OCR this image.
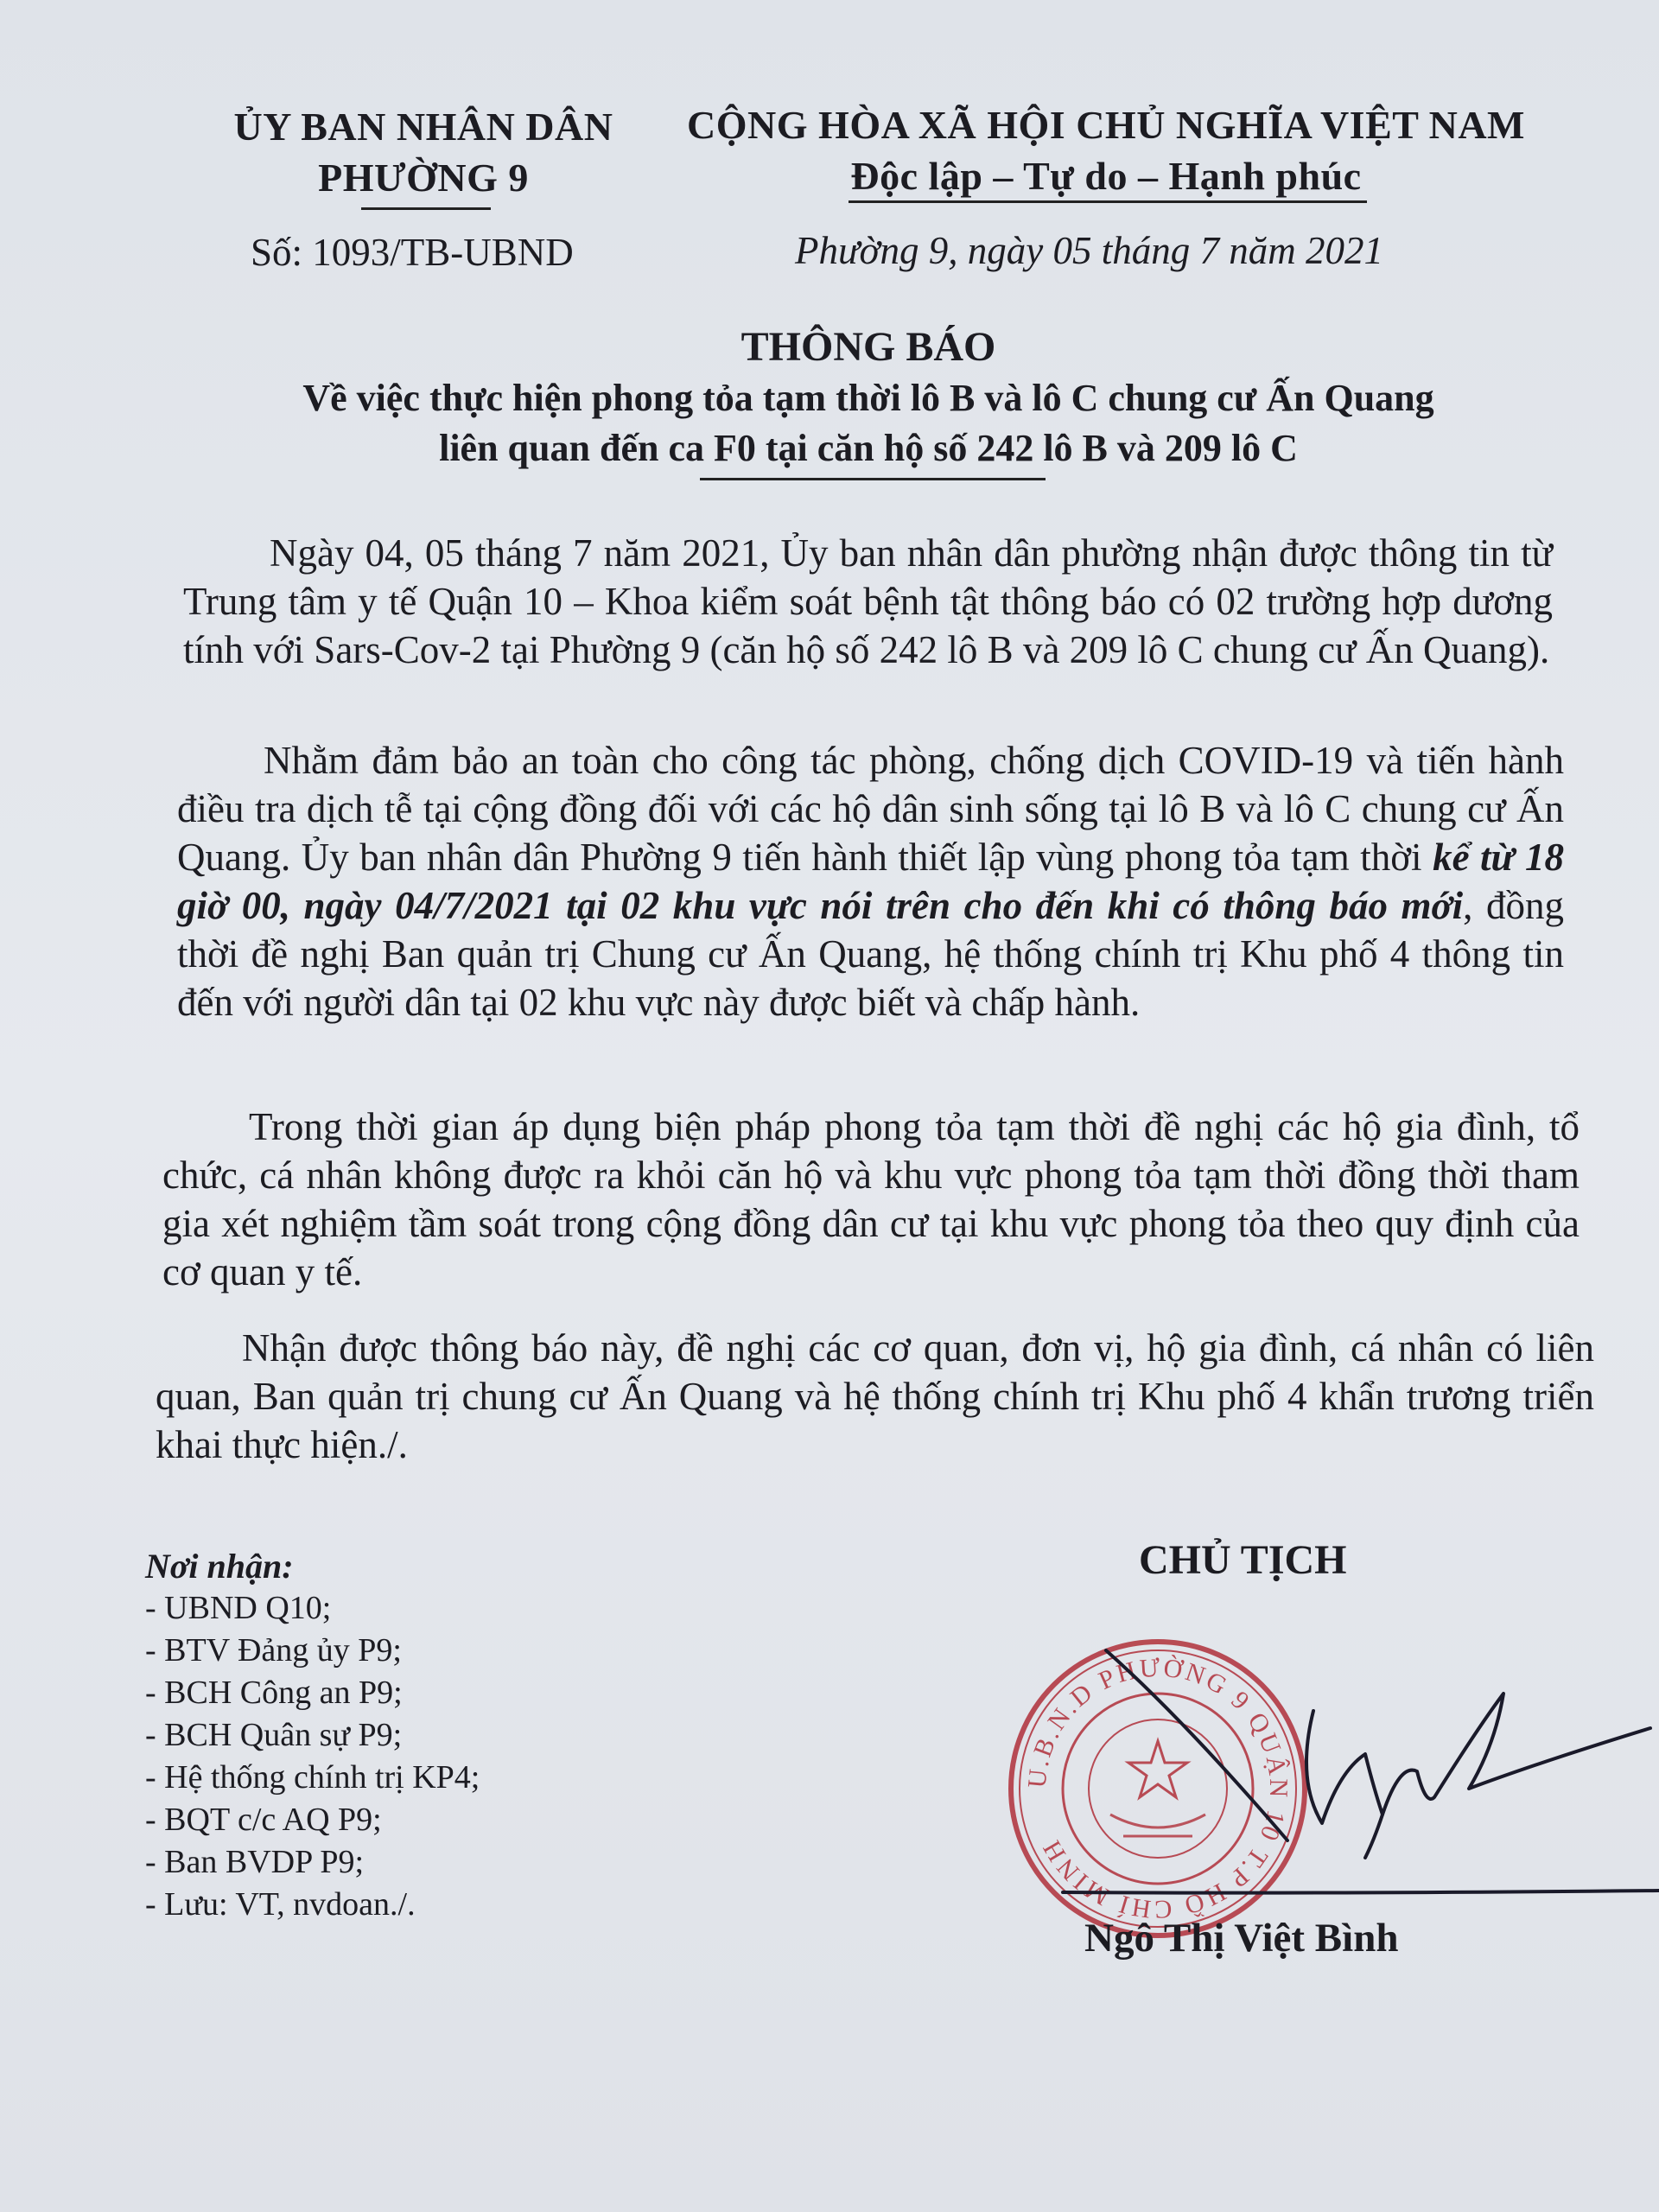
ỦY BAN NHÂN DÂN
PHƯỜNG 9
Số: 1093/TB-UBND
CỘNG HÒA XÃ HỘI CHỦ NGHĨA VIỆT NAM
Độc lập – Tự do – Hạnh phúc
Phường 9, ngày 05 tháng 7 năm 2021
THÔNG BÁO
Về việc thực hiện phong tỏa tạm thời lô B và lô C chung cư Ấn Quang
liên quan đến ca F0 tại căn hộ số 242 lô B và 209 lô C
Ngày 04, 05 tháng 7 năm 2021, Ủy ban nhân dân phường nhận được thông tin từ Trung tâm y tế Quận 10 – Khoa kiểm soát bệnh tật thông báo có 02 trường hợp dương tính với Sars-Cov-2 tại Phường 9 (căn hộ số 242 lô B và 209 lô C chung cư Ấn Quang).
Nhằm đảm bảo an toàn cho công tác phòng, chống dịch COVID-19 và tiến hành điều tra dịch tễ tại cộng đồng đối với các hộ dân sinh sống tại lô B và lô C chung cư Ấn Quang. Ủy ban nhân dân Phường 9 tiến hành thiết lập vùng phong tỏa tạm thời kể từ 18 giờ 00, ngày 04/7/2021 tại 02 khu vực nói trên cho đến khi có thông báo mới, đồng thời đề nghị Ban quản trị Chung cư Ấn Quang, hệ thống chính trị Khu phố 4 thông tin đến với người dân tại 02 khu vực này được biết và chấp hành.
Trong thời gian áp dụng biện pháp phong tỏa tạm thời đề nghị các hộ gia đình, tổ chức, cá nhân không được ra khỏi căn hộ và khu vực phong tỏa tạm thời đồng thời tham gia xét nghiệm tầm soát trong cộng đồng dân cư tại khu vực phong tỏa theo quy định của cơ quan y tế.
Nhận được thông báo này, đề nghị các cơ quan, đơn vị, hộ gia đình, cá nhân có liên quan, Ban quản trị chung cư Ấn Quang và hệ thống chính trị Khu phố 4 khẩn trương triển khai thực hiện./.
Nơi nhận:
- UBND Q10;
- BTV Đảng ủy P9;
- BCH Công an P9;
- BCH Quân sự P9;
- Hệ thống chính trị KP4;
- BQT c/c AQ P9;
- Ban BVDP P9;
- Lưu: VT, nvdoan./.
CHỦ TỊCH
U.B.N.D PHƯỜNG 9 QUẬN 10 T.P HỒ CHÍ MINH
Ngô Thị Việt Bình
